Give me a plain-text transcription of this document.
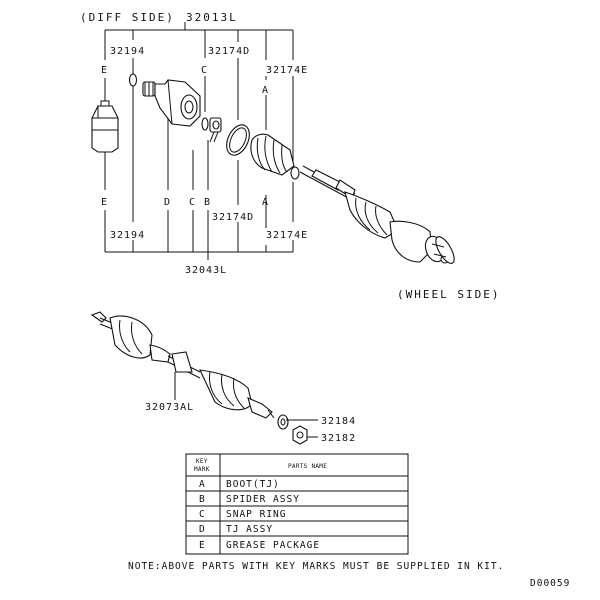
(DIFF SIDE) 32013L
32194	32174D
32174E
E	C
A
E	D C B	A
32174D
32194	32174E
32043L
(WHEEL SIDE)
32073AL
32184
32182
KEY
MARK	PARTS NAME
A BOOT(TJ)
B SPIDER ASSY
C SNAP RING
D TJ ASSY
E GREASE PACKAGE
NOTE:ABOVE PARTS WITH KEY MARKS MUST BE SUPPLIED IN KIT.
D00059
